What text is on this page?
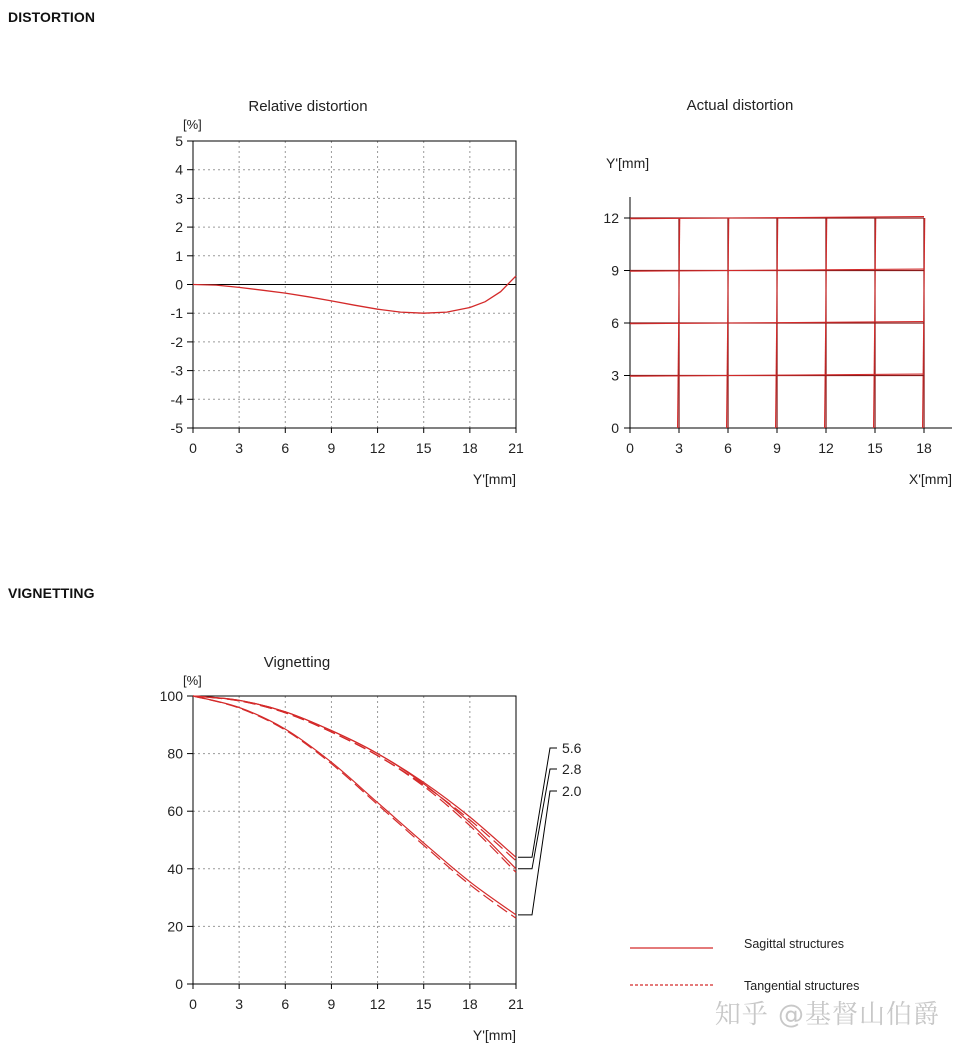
DISTORTION
VIGNETTING
知乎 @基督山伯爵
Relative distortion
[%]
Y'[mm]
0	3	6	9 12 15 18 21
5
4
3
2
1
0
-1
-2
-3
-4
-5
Actual distortion
Y'[mm]
X'[mm]
0	3	6	9	12 15 18
12
9
6
3
0
Vignetting
[%]
Y'[mm]
0	3	6	9 12 15 18 21
100
80
60
40
20
0
5.6
2.8
2.0
Sagittal structures
Tangential structures
